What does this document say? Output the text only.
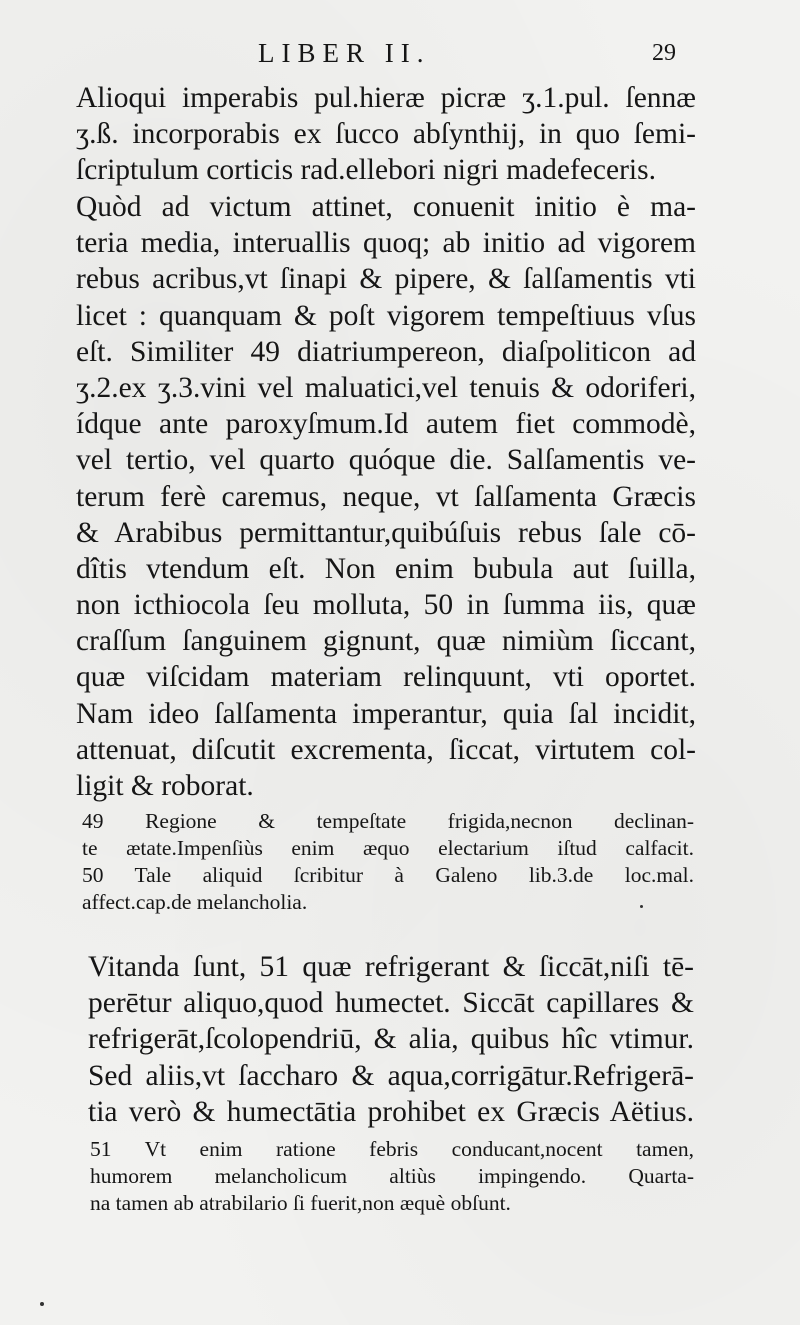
LIBER II.	29
Alioqui imperabis pul.hieræ picræ ʒ.1.pul. ſennæ
ʒ.ß. incorporabis ex ſucco abſynthij, in quo ſemi-
ſcriptulum corticis rad.ellebori nigri madefeceris.
Quòd ad victum attinet, conuenit initio è ma-
teria media, interuallis quoq; ab initio ad vigorem
rebus acribus,vt ſinapi & pipere, & ſalſamentis vti
licet : quanquam & poſt vigorem tempeſtiuus vſus
eſt. Similiter 49 diatriumpereon, diaſpoliticon ad
ʒ.2.ex ʒ.3.vini vel maluatici,vel tenuis & odoriferi,
ídque ante paroxyſmum.Id autem fiet commodè,
vel tertio, vel quarto quóque die. Salſamentis ve-
terum ferè caremus, neque, vt ſalſamenta Græcis
& Arabibus permittantur,quibúſuis rebus ſale cō-
dîtis vtendum eſt. Non enim bubula aut ſuilla,
non icthiocola ſeu molluta, 50 in ſumma iis, quæ
craſſum ſanguinem gignunt, quæ nimiùm ſiccant,
quæ viſcidam materiam relinquunt, vti oportet.
Nam ideo ſalſamenta imperantur, quia ſal incidit,
attenuat, diſcutit excrementa, ſiccat, virtutem col-
ligit & roborat.
49 Regione & tempeſtate frigida,necnon declinan-
te ætate.Impenſiùs enim æquo electarium iſtud calfacit.
50 Tale aliquid ſcribitur à Galeno lib.3.de loc.mal.
affect.cap.de melancholia.
Vitanda ſunt, 51 quæ refrigerant & ſiccāt,niſi tē-
perētur aliquo,quod humectet. Siccāt capillares &
refrigerāt,ſcolopendriū, & alia, quibus hîc vtimur.
Sed aliis,vt ſaccharo & aqua,corrigātur.Refrigerā-
tia verò & humectātia prohibet ex Græcis Aëtius.
51 Vt enim ratione febris conducant,nocent tamen,
humorem melancholicum altiùs impingendo. Quarta-
na tamen ab atrabilario ſi fuerit,non æquè obſunt.
